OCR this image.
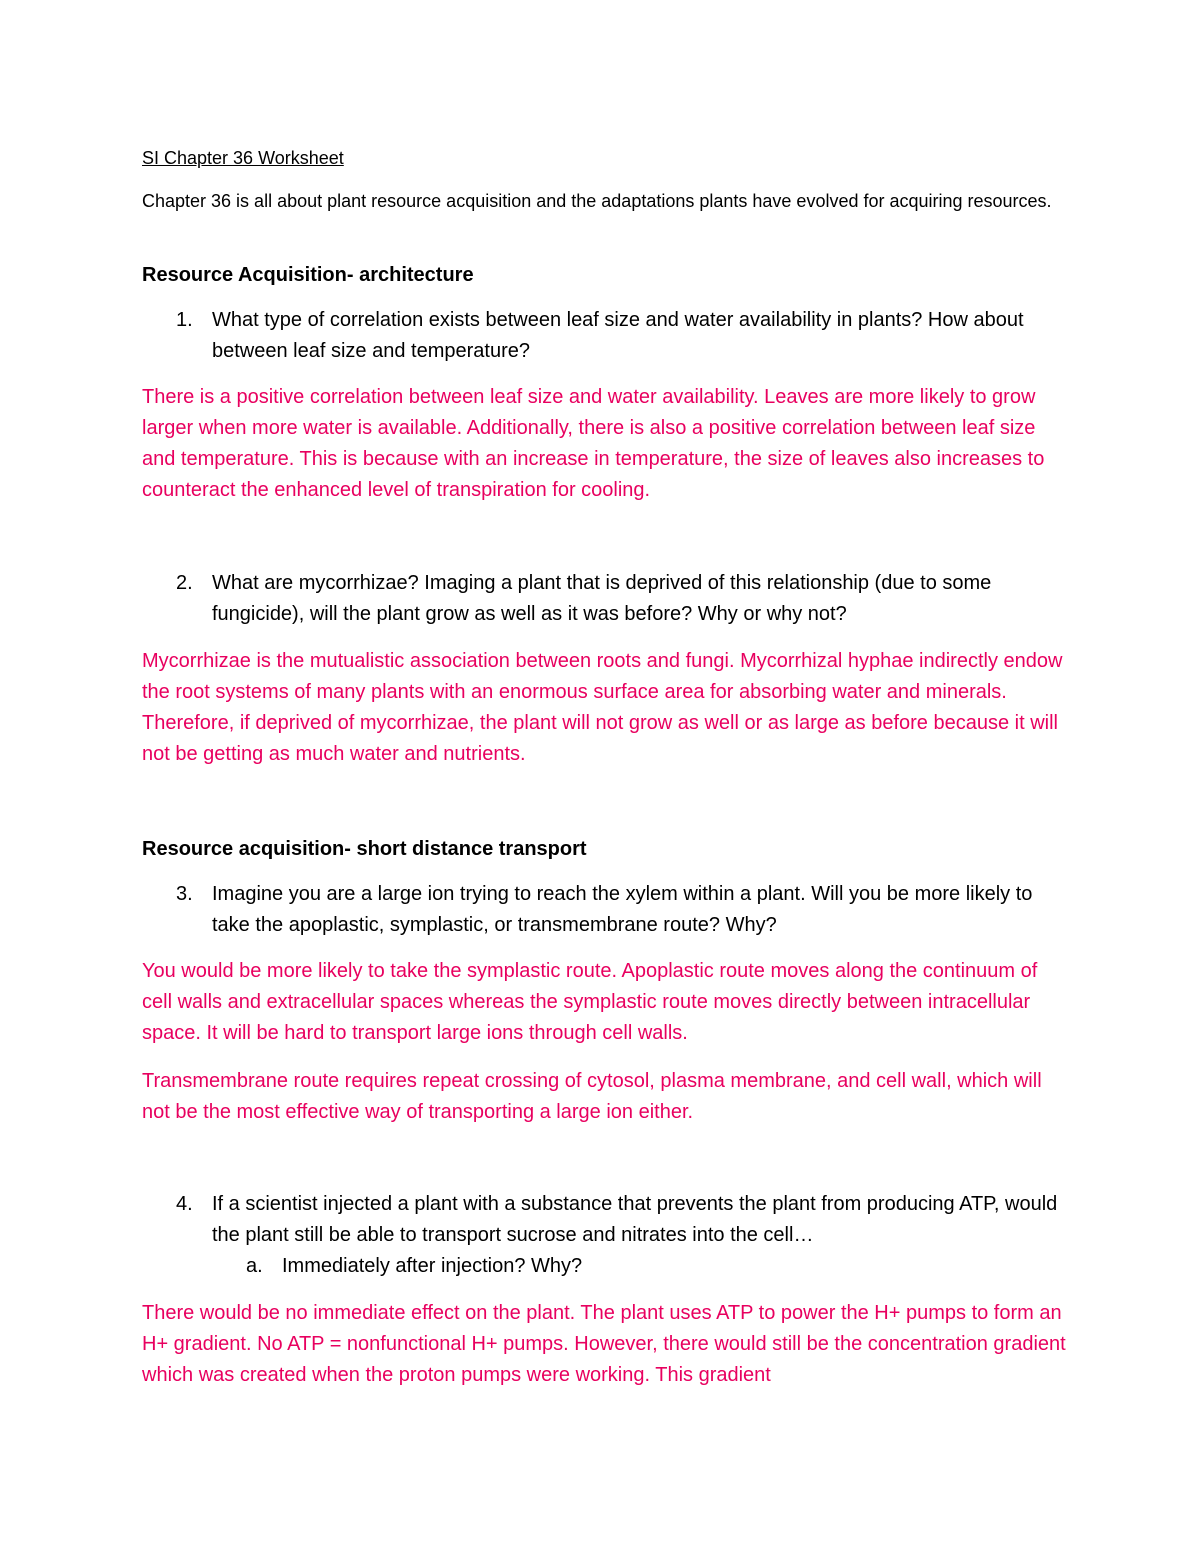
SI Chapter 36 Worksheet
Chapter 36 is all about plant resource acquisition and the adaptations plants have evolved for acquiring resources.
Resource Acquisition- architecture
1. What type of correlation exists between leaf size and water availability in plants? How about between leaf size and temperature?
There is a positive correlation between leaf size and water availability. Leaves are more likely to grow larger when more water is available. Additionally, there is also a positive correlation between leaf size and temperature. This is because with an increase in temperature, the size of leaves also increases to counteract the enhanced level of transpiration for cooling.
2. What are mycorrhizae? Imaging a plant that is deprived of this relationship (due to some fungicide), will the plant grow as well as it was before? Why or why not?
Mycorrhizae is the mutualistic association between roots and fungi. Mycorrhizal hyphae indirectly endow the root systems of many plants with an enormous surface area for absorbing water and minerals. Therefore, if deprived of mycorrhizae, the plant will not grow as well or as large as before because it will not be getting as much water and nutrients.
Resource acquisition- short distance transport
3. Imagine you are a large ion trying to reach the xylem within a plant. Will you be more likely to take the apoplastic, symplastic, or transmembrane route? Why?
You would be more likely to take the symplastic route. Apoplastic route moves along the continuum of cell walls and extracellular spaces whereas the symplastic route moves directly between intracellular space. It will be hard to transport large ions through cell walls.
Transmembrane route requires repeat crossing of cytosol, plasma membrane, and cell wall, which will not be the most effective way of transporting a large ion either.
4. If a scientist injected a plant with a substance that prevents the plant from producing ATP, would the plant still be able to transport sucrose and nitrates into the cell…
a. Immediately after injection? Why?
There would be no immediate effect on the plant. The plant uses ATP to power the H+ pumps to form an H+ gradient. No ATP = nonfunctional H+ pumps. However, there would still be the concentration gradient which was created when the proton pumps were working. This gradient
